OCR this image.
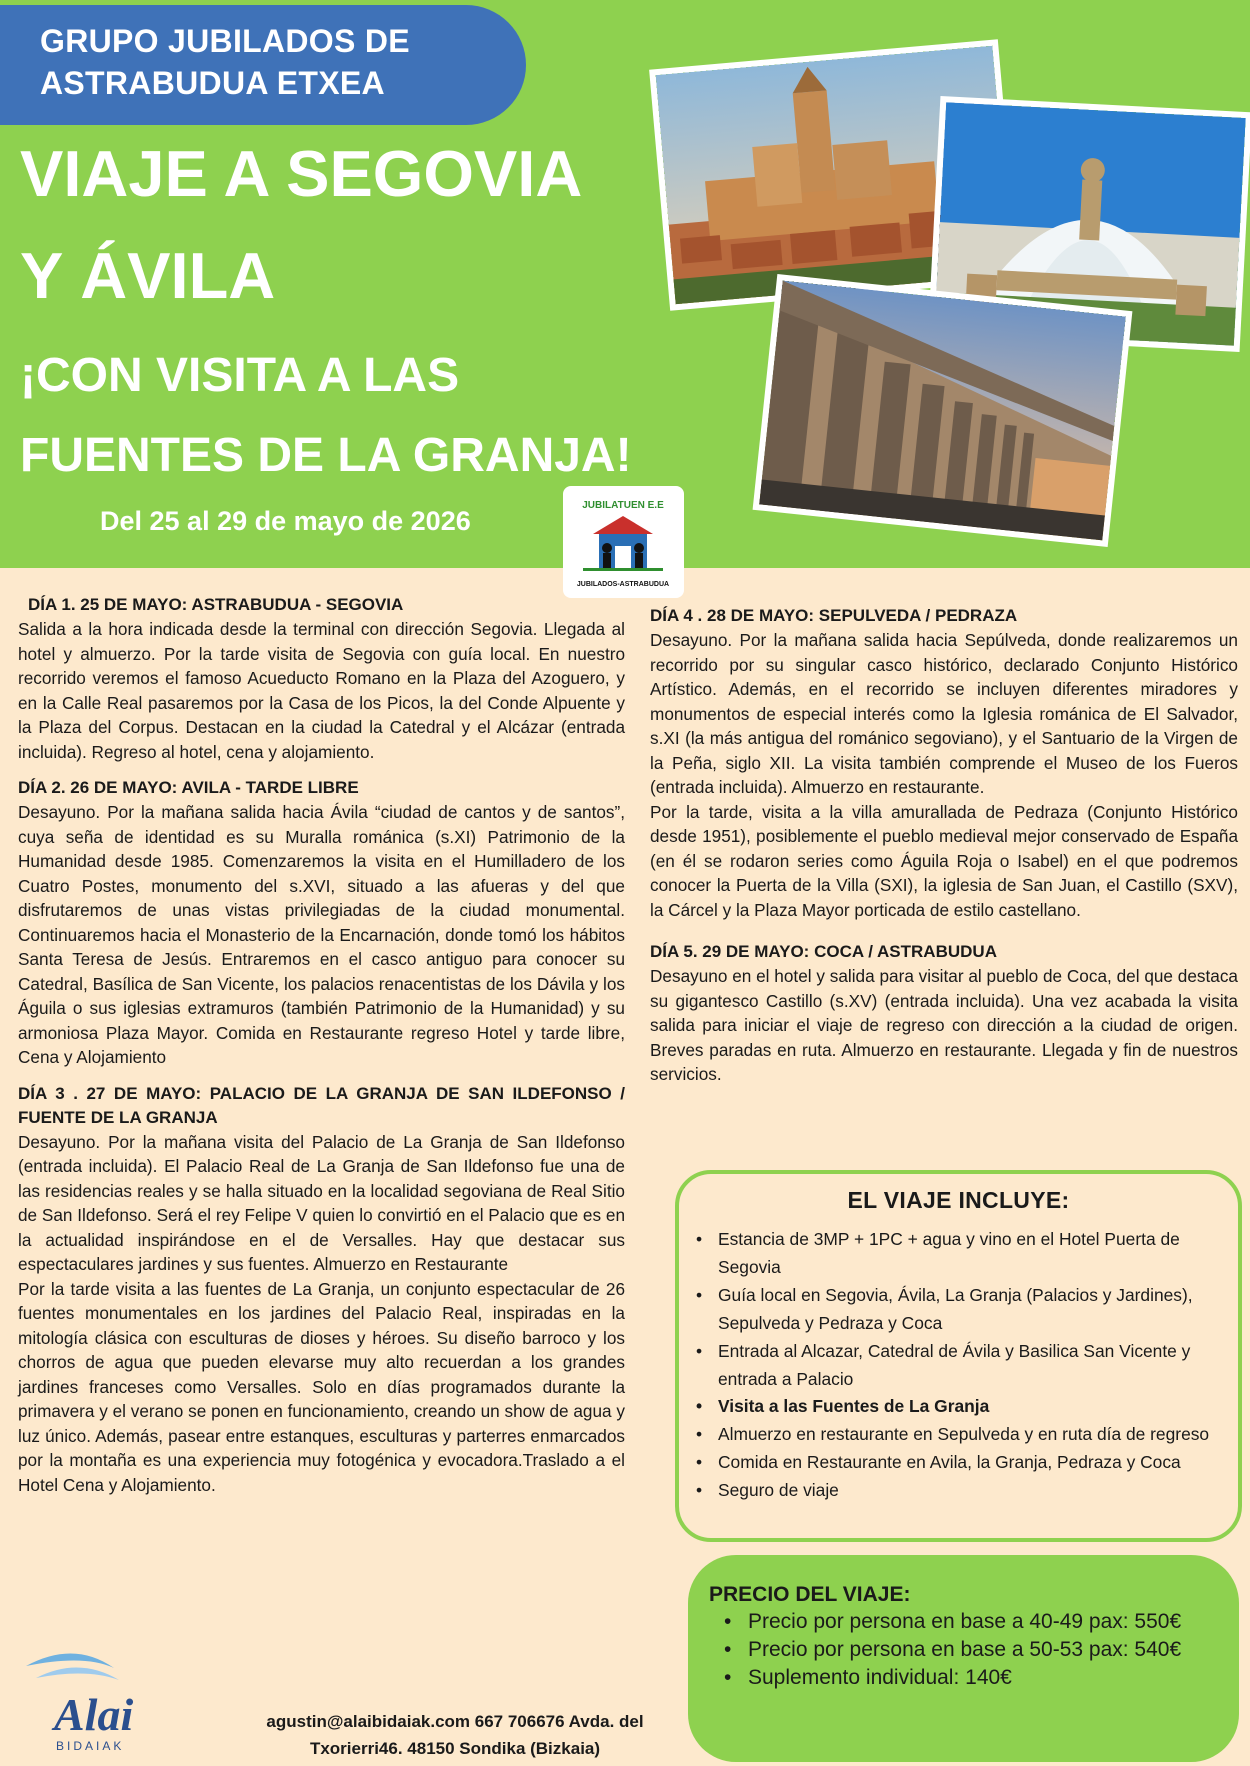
GRUPO JUBILADOS DE
ASTRABUDUA ETXEA
VIAJE A SEGOVIA
Y ÁVILA
¡CON VISITA A LAS
FUENTES DE LA GRANJA!
Del 25 al 29 de mayo de 2026
JUBILATUEN E.E
JUBILADOS-ASTRABUDUA
DÍA 1. 25 DE MAYO: ASTRABUDUA - SEGOVIA

Salida a la hora indicada desde la terminal con dirección Segovia. Llegada al hotel y almuerzo. Por la tarde visita de Segovia con guía local. En nuestro recorrido veremos el famoso Acueducto Romano en la Plaza del Azoguero, y en la Calle Real pasaremos por la Casa de los Picos, la del Conde Alpuente y la Plaza del Corpus. Destacan en la ciudad la Catedral y el Alcázar (entrada incluida). Regreso al hotel, cena y alojamiento.

DÍA 2. 26 DE MAYO: AVILA - TARDE LIBRE

Desayuno. Por la mañana salida hacia Ávila “ciudad de cantos y de santos”, cuya seña de identidad es su Muralla románica (s.XI) Patrimonio de la Humanidad desde 1985. Comenzaremos la visita en el Humilladero de los Cuatro Postes, monumento del s.XVI, situado a las afueras y del que disfrutaremos de unas vistas privilegiadas de la ciudad monumental. Continuaremos hacia el Monasterio de la Encarnación, donde tomó los hábitos Santa Teresa de Jesús. Entraremos en el casco antiguo para conocer su Catedral, Basílica de San Vicente, los palacios renacentistas de los Dávila y los Águila o sus iglesias extramuros (también Patrimonio de la Humanidad) y su armoniosa Plaza Mayor. Comida en Restaurante regreso Hotel y tarde libre, Cena y Alojamiento

DÍA 3 . 27 DE MAYO: PALACIO DE LA GRANJA DE SAN ILDEFONSO / FUENTE DE LA GRANJA

Desayuno. Por la mañana visita del Palacio de La Granja de San Ildefonso (entrada incluida). El Palacio Real de La Granja de San Ildefonso fue una de las residencias reales y se halla situado en la localidad segoviana de Real Sitio de San Ildefonso. Será el rey Felipe V quien lo convirtió en el Palacio que es en la actualidad inspirándose en el de Versalles. Hay que destacar sus espectaculares jardines y sus fuentes. Almuerzo en Restaurante

Por la tarde visita a las fuentes de La Granja, un conjunto espectacular de 26 fuentes monumentales en los jardines del Palacio Real, inspiradas en la mitología clásica con esculturas de dioses y héroes. Su diseño barroco y los chorros de agua que pueden elevarse muy alto recuerdan a los grandes jardines franceses como Versalles. Solo en días programados durante la primavera y el verano se ponen en funcionamiento, creando un show de agua y luz único. Además, pasear entre estanques, esculturas y parterres enmarcados por la montaña es una experiencia muy fotogénica y evocadora.Traslado a el Hotel Cena y Alojamiento.

DÍA 4 . 28 DE MAYO: SEPULVEDA / PEDRAZA

Desayuno. Por la mañana salida hacia Sepúlveda, donde realizaremos un recorrido por su singular casco histórico, declarado Conjunto Histórico Artístico. Además, en el recorrido se incluyen diferentes miradores y monumentos de especial interés como la Iglesia románica de El Salvador, s.XI (la más antigua del románico segoviano), y el Santuario de la Virgen de la Peña, siglo XII. La visita también comprende el Museo de los Fueros (entrada incluida). Almuerzo en restaurante.

Por la tarde, visita a la villa amurallada de Pedraza (Conjunto Histórico desde 1951), posiblemente el pueblo medieval mejor conservado de España (en él se rodaron series como Águila Roja o Isabel) en el que podremos conocer la Puerta de la Villa (SXI), la iglesia de San Juan, el Castillo (SXV), la Cárcel y la Plaza Mayor porticada de estilo castellano.

DÍA 5. 29 DE MAYO: COCA / ASTRABUDUA

Desayuno en el hotel y salida para visitar al pueblo de Coca, del que destaca su gigantesco Castillo (s.XV) (entrada incluida). Una vez acabada la visita salida para iniciar el viaje de regreso con dirección a la ciudad de origen. Breves paradas en ruta. Almuerzo en restaurante. Llegada y fin de nuestros servicios.

EL VIAJE INCLUYE:
• Estancia de 3MP + 1PC + agua y vino en el Hotel Puerta de Segovia
• Guía local en Segovia, Ávila, La Granja (Palacios y Jardines), Sepulveda y Pedraza y Coca
• Entrada al Alcazar, Catedral de Ávila y Basilica San Vicente y entrada a Palacio
• Visita a las Fuentes de La Granja
• Almuerzo en restaurante en Sepulveda y en ruta día de regreso
• Comida en Restaurante en Avila, la Granja, Pedraza y Coca
• Seguro de viaje
PRECIO DEL VIAJE:
• Precio por persona en base a 40-49 pax: 550€
• Precio por persona en base a 50-53 pax: 540€
• Suplemento individual: 140€
Alai
BIDAIAK
agustin@alaibidaiak.com 667 706676 Avda. del
Txorierri46. 48150 Sondika (Bizkaia)
